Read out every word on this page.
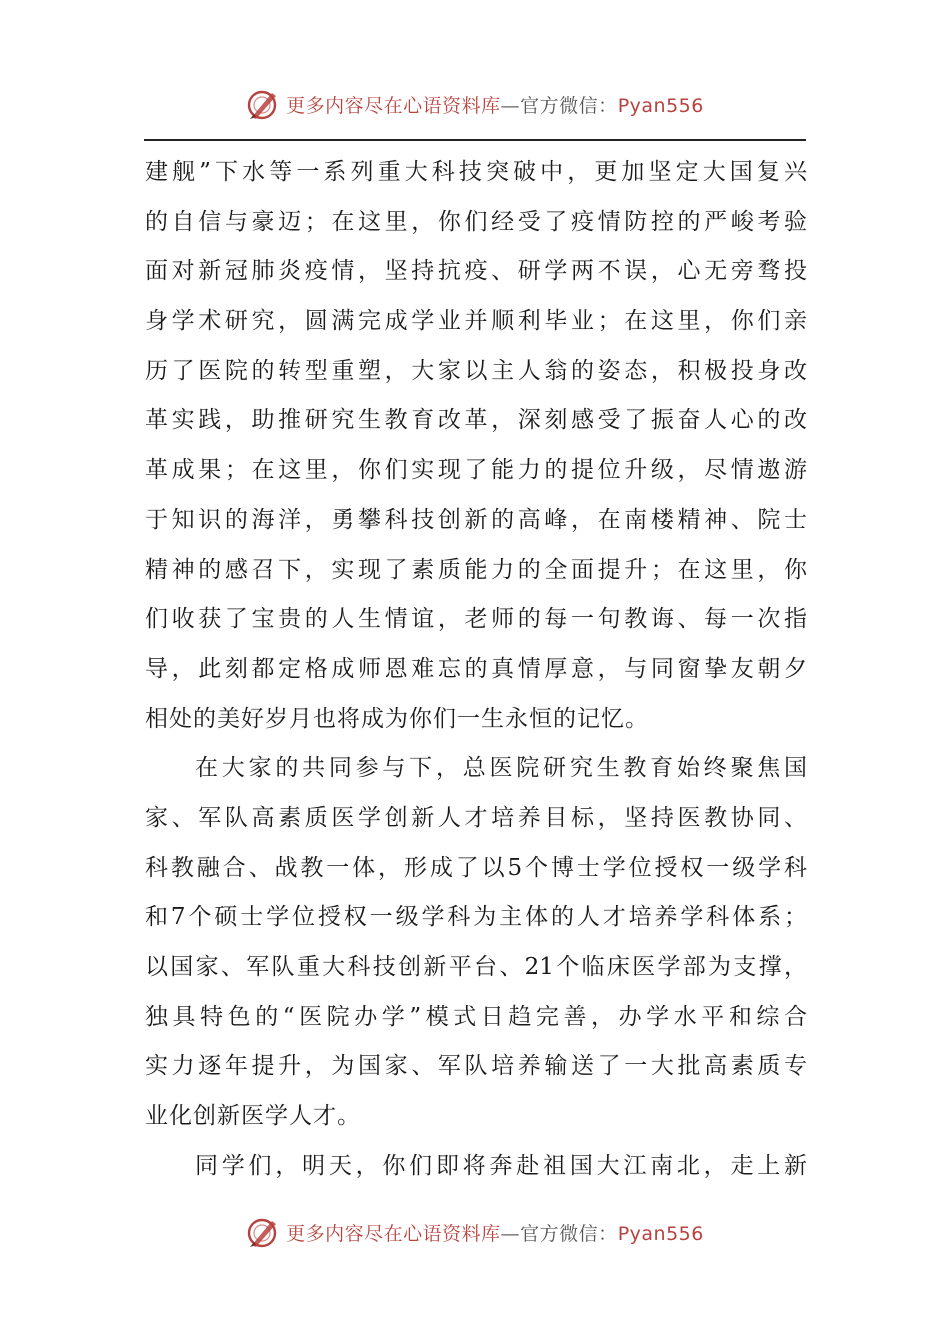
更多内容尽在心语资料库—官方微信：Pyan556
建舰”下水等一系列重大科技突破中，更加坚定大国复兴
的自信与豪迈；在这里，你们经受了疫情防控的严峻考验
面对新冠肺炎疫情，坚持抗疫、研学两不误，心无旁骛投
身学术研究，圆满完成学业并顺利毕业；在这里，你们亲
历了医院的转型重塑，大家以主人翁的姿态，积极投身改
革实践，助推研究生教育改革，深刻感受了振奋人心的改
革成果；在这里，你们实现了能力的提位升级，尽情遨游
于知识的海洋，勇攀科技创新的高峰，在南楼精神、院士
精神的感召下，实现了素质能力的全面提升；在这里，你
们收获了宝贵的人生情谊，老师的每一句教诲、每一次指
导，此刻都定格成师恩难忘的真情厚意，与同窗挚友朝夕
相处的美好岁月也将成为你们一生永恒的记忆。
在大家的共同参与下，总医院研究生教育始终聚焦国
家、军队高素质医学创新人才培养目标，坚持医教协同、
科教融合、战教一体，形成了以5个博士学位授权一级学科
和7个硕士学位授权一级学科为主体的人才培养学科体系；
以国家、军队重大科技创新平台、21个临床医学部为支撑，
独具特色的“医院办学”模式日趋完善，办学水平和综合
实力逐年提升，为国家、军队培养输送了一大批高素质专
业化创新医学人才。
同学们，明天，你们即将奔赴祖国大江南北，走上新
更多内容尽在心语资料库—官方微信：Pyan556
